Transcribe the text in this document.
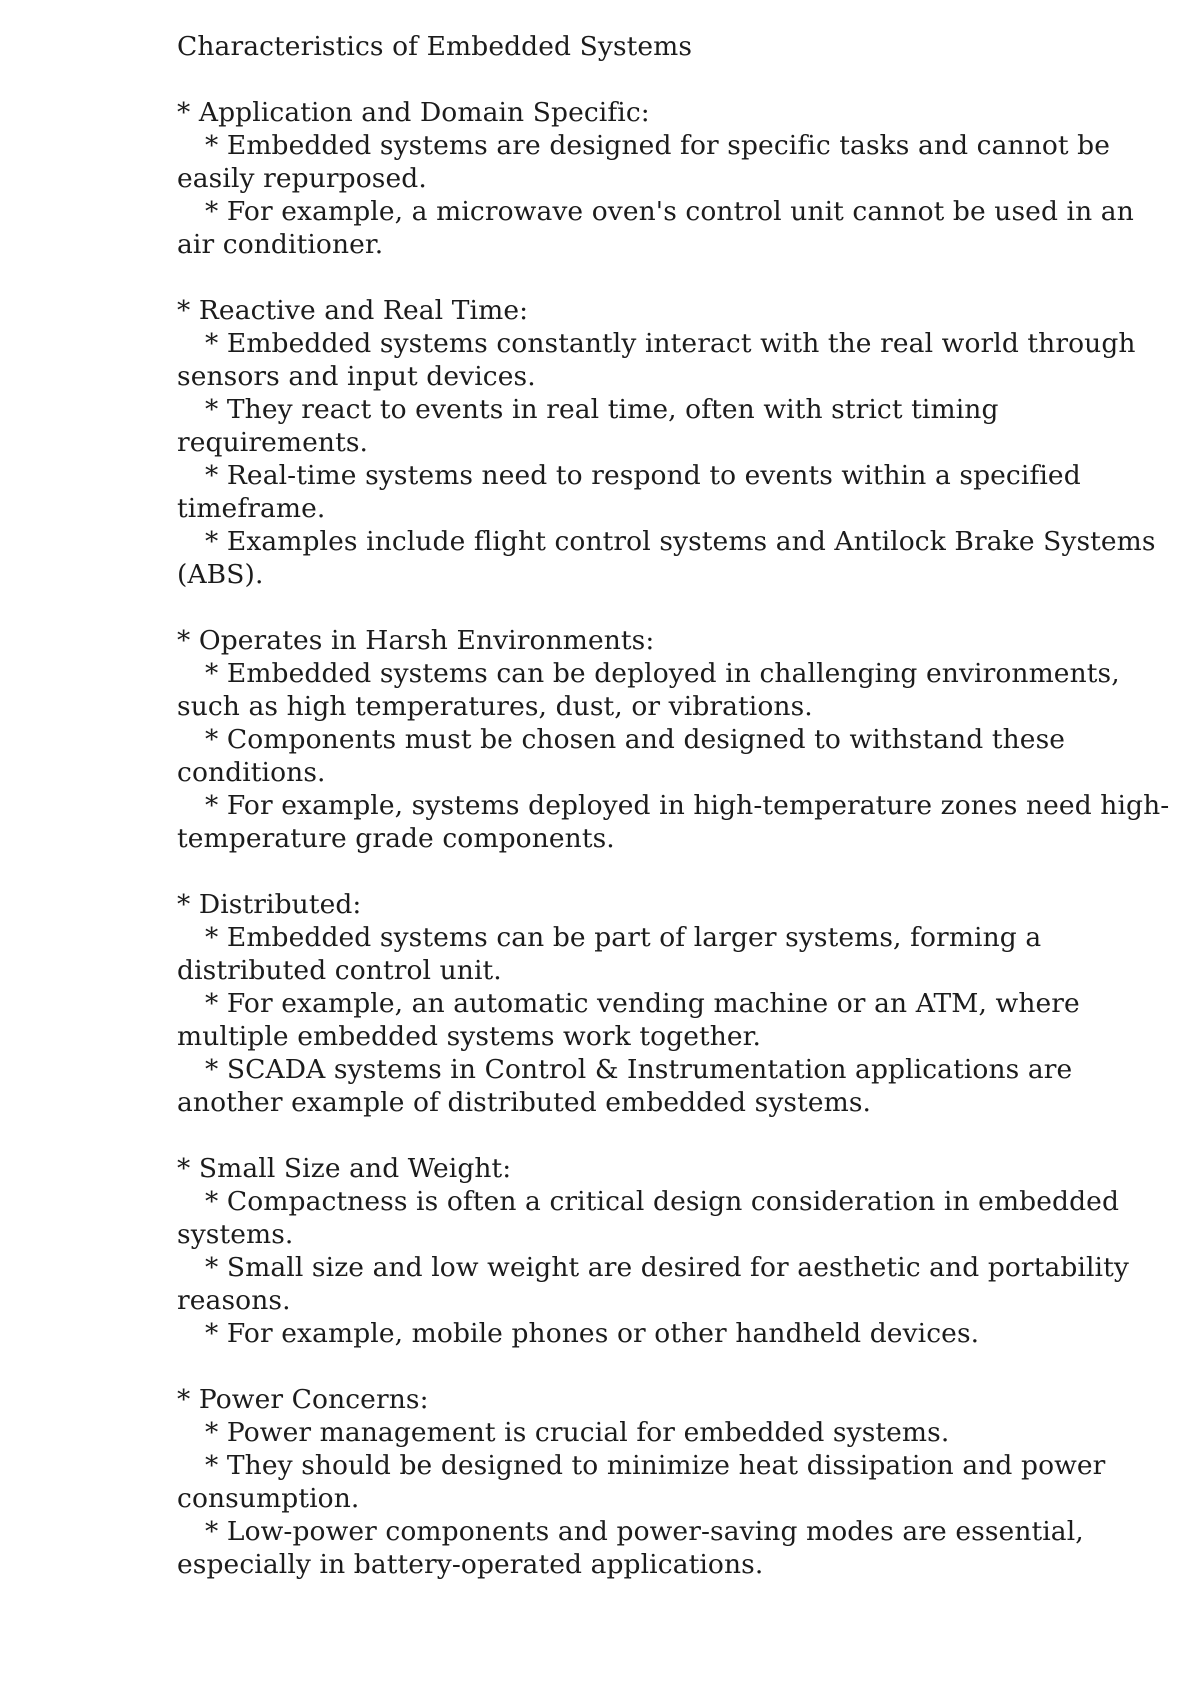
Characteristics of Embedded Systems

* Application and Domain Specific:

* Embedded systems are designed for specific tasks and cannot be easily repurposed.

* For example, a microwave oven's control unit cannot be used in an air conditioner.

* Reactive and Real Time:

* Embedded systems constantly interact with the real world through sensors and input devices.

* They react to events in real time, often with strict timing requirements.

* Real-time systems need to respond to events within a specified timeframe.

* Examples include flight control systems and Antilock Brake Systems (ABS).

* Operates in Harsh Environments:

* Embedded systems can be deployed in challenging environments, such as high temperatures, dust, or vibrations.

* Components must be chosen and designed to withstand these conditions.

* For example, systems deployed in high-temperature zones need high-temperature grade components.

* Distributed:

* Embedded systems can be part of larger systems, forming a distributed control unit.

* For example, an automatic vending machine or an ATM, where multiple embedded systems work together.

* SCADA systems in Control & Instrumentation applications are another example of distributed embedded systems.

* Small Size and Weight:

* Compactness is often a critical design consideration in embedded systems.

* Small size and low weight are desired for aesthetic and portability reasons.

* For example, mobile phones or other handheld devices.

* Power Concerns:

* Power management is crucial for embedded systems.

* They should be designed to minimize heat dissipation and power consumption.

* Low-power components and power-saving modes are essential, especially in battery-operated applications.
